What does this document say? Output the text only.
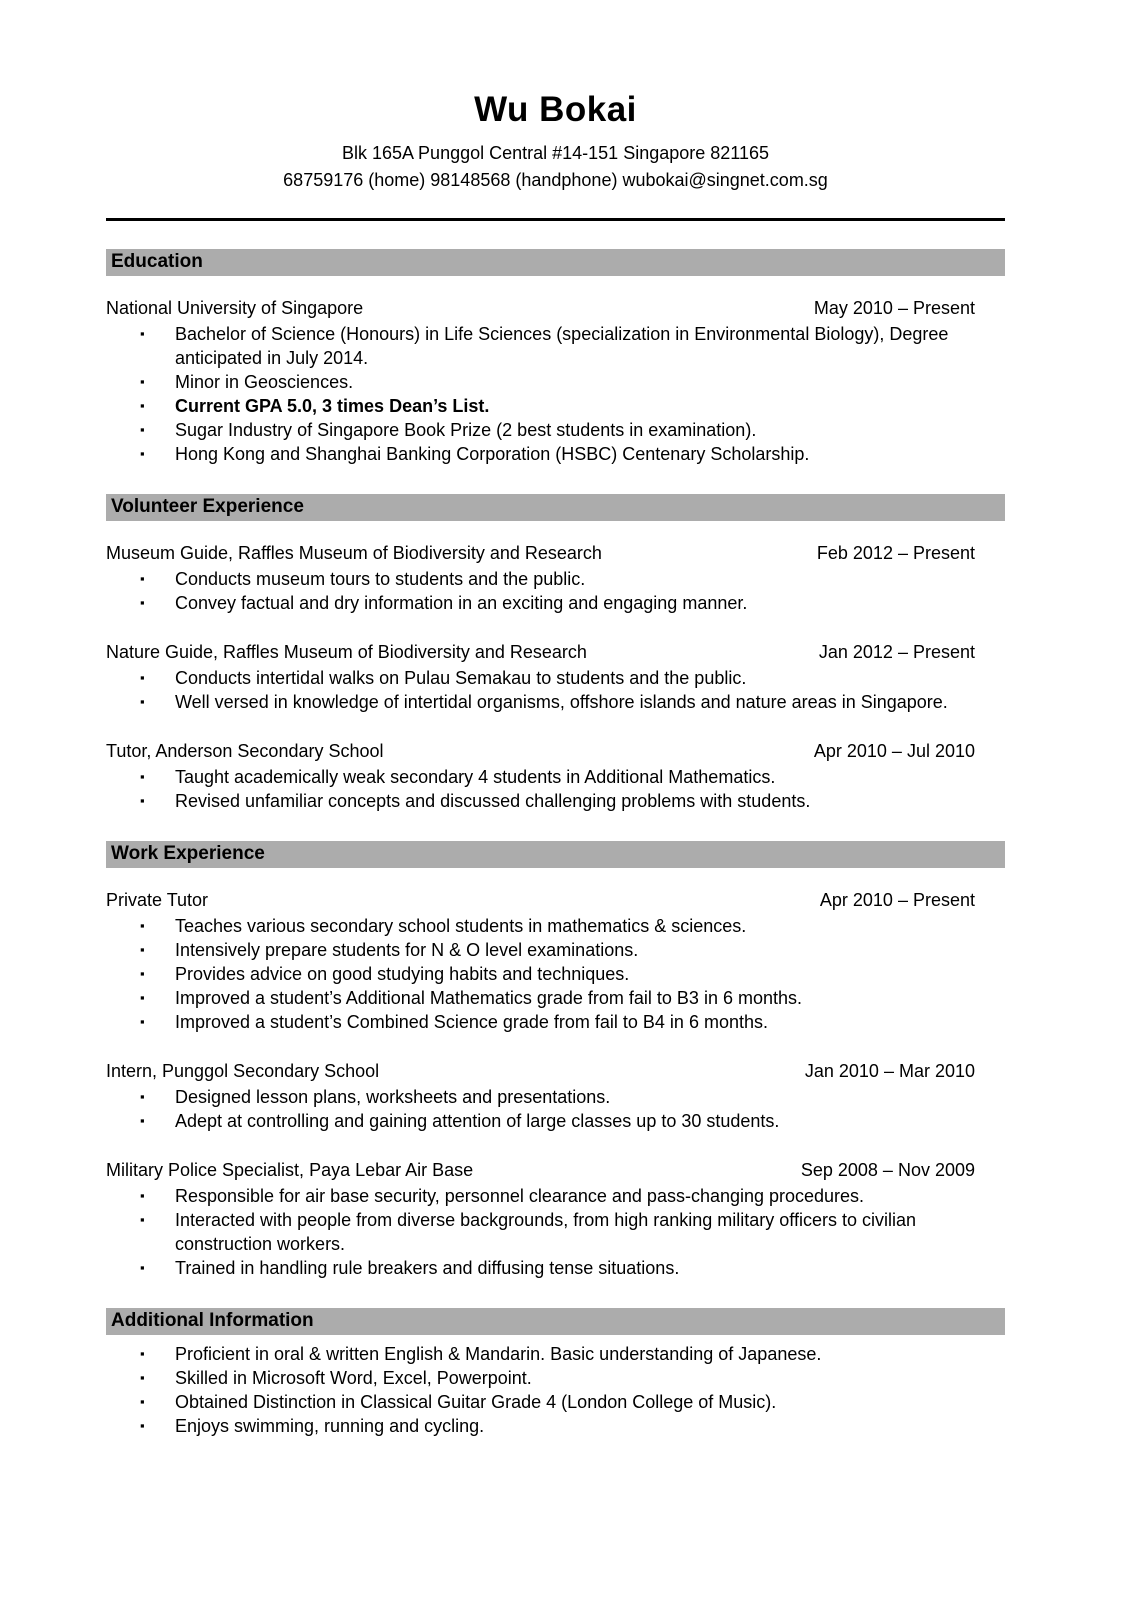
Wu Bokai
Blk 165A Punggol Central #14-151 Singapore 821165
68759176 (home) 98148568 (handphone) wubokai@singnet.com.sg
Education
National University of Singapore	May 2010 – Present
▪	Bachelor of Science (Honours) in Life Sciences (specialization in Environmental Biology), Degree anticipated in July 2014.
▪	Minor in Geosciences.
▪	Current GPA 5.0, 3 times Dean’s List.
▪	Sugar Industry of Singapore Book Prize (2 best students in examination).
▪	Hong Kong and Shanghai Banking Corporation (HSBC) Centenary Scholarship.
Volunteer Experience
Museum Guide, Raffles Museum of Biodiversity and Research	Feb 2012 – Present
▪	Conducts museum tours to students and the public.
▪	Convey factual and dry information in an exciting and engaging manner.
Nature Guide, Raffles Museum of Biodiversity and Research	Jan 2012 – Present
▪	Conducts intertidal walks on Pulau Semakau to students and the public.
▪	Well versed in knowledge of intertidal organisms, offshore islands and nature areas in Singapore.
Tutor, Anderson Secondary School	Apr 2010 – Jul 2010
▪	Taught academically weak secondary 4 students in Additional Mathematics.
▪	Revised unfamiliar concepts and discussed challenging problems with students.
Work Experience
Private Tutor	Apr 2010 – Present
▪	Teaches various secondary school students in mathematics & sciences.
▪	Intensively prepare students for N & O level examinations.
▪	Provides advice on good studying habits and techniques.
▪	Improved a student’s Additional Mathematics grade from fail to B3 in 6 months.
▪	Improved a student’s Combined Science grade from fail to B4 in 6 months.
Intern, Punggol Secondary School	Jan 2010 – Mar 2010
▪	Designed lesson plans, worksheets and presentations.
▪	Adept at controlling and gaining attention of large classes up to 30 students.
Military Police Specialist, Paya Lebar Air Base	Sep 2008 – Nov 2009
▪	Responsible for air base security, personnel clearance and pass-changing procedures.
▪	Interacted with people from diverse backgrounds, from high ranking military officers to civilian construction workers.
▪	Trained in handling rule breakers and diffusing tense situations.
Additional Information
▪	Proficient in oral & written English & Mandarin. Basic understanding of Japanese.
▪	Skilled in Microsoft Word, Excel, Powerpoint.
▪	Obtained Distinction in Classical Guitar Grade 4 (London College of Music).
▪	Enjoys swimming, running and cycling.
